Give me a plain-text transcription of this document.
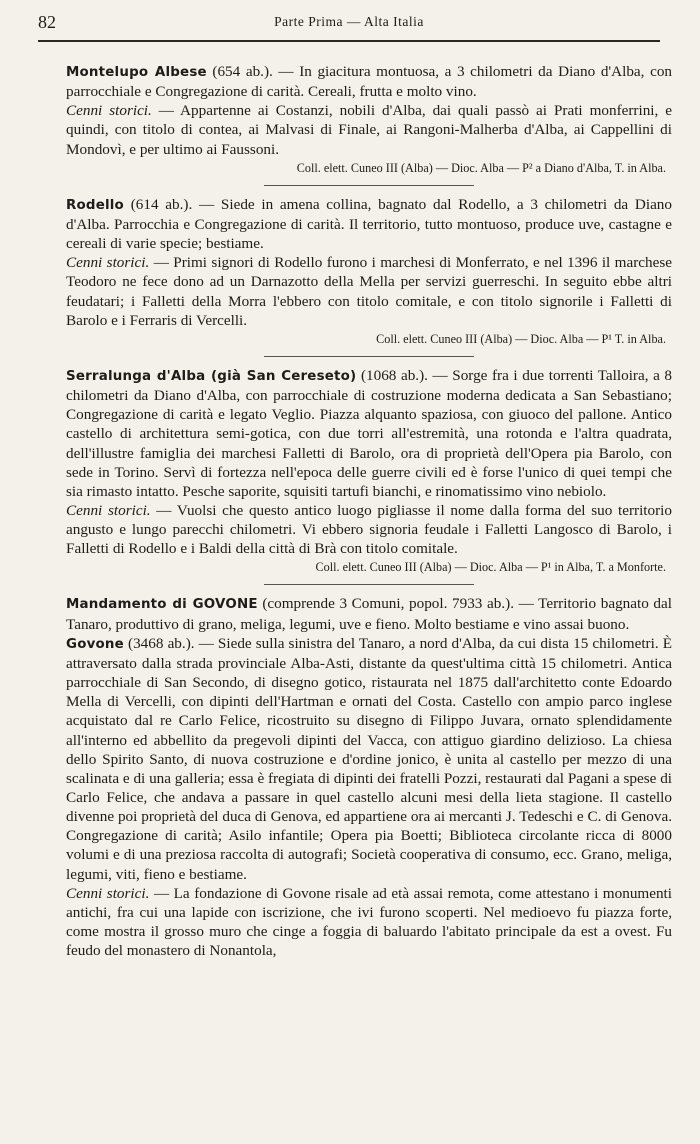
82	Parte Prima — Alta Italia

Montelupo Albese (654 ab.). — In giacitura montuosa, a 3 chilometri da Diano d'Alba, con parrocchiale e Congregazione di carità. Cereali, frutta e molto vino.

Cenni storici. — Appartenne ai Costanzi, nobili d'Alba, dai quali passò ai Prati monferrini, e quindi, con titolo di contea, ai Malvasi di Finale, ai Rangoni-Malherba d'Alba, ai Cappellini di Mondovì, e per ultimo ai Faussoni.

Coll. elett. Cuneo III (Alba) — Dioc. Alba — P² a Diano d'Alba, T. in Alba.

Rodello (614 ab.). — Siede in amena collina, bagnato dal Rodello, a 3 chilometri da Diano d'Alba. Parrocchia e Congregazione di carità. Il territorio, tutto montuoso, produce uve, castagne e cereali di varie specie; bestiame.

Cenni storici. — Primi signori di Rodello furono i marchesi di Monferrato, e nel 1396 il marchese Teodoro ne fece dono ad un Darnazotto della Mella per servizi guerreschi. In seguito ebbe altri feudatari; i Falletti della Morra l'ebbero con titolo comitale, e con titolo signorile i Falletti di Barolo e i Ferraris di Vercelli.

Coll. elett. Cuneo III (Alba) — Dioc. Alba — P¹ T. in Alba.

Serralunga d'Alba (già San Cereseto) (1068 ab.). — Sorge fra i due torrenti Talloira, a 8 chilometri da Diano d'Alba, con parrocchiale di costruzione moderna dedicata a San Sebastiano; Congregazione di carità e legato Veglio. Piazza alquanto spaziosa, con giuoco del pallone. Antico castello di architettura semi-gotica, con due torri all'estremità, una rotonda e l'altra quadrata, dell'illustre famiglia dei marchesi Falletti di Barolo, ora di proprietà dell'Opera pia Barolo, con sede in Torino. Servì di fortezza nell'epoca delle guerre civili ed è forse l'unico di quei tempi che sia rimasto intatto. Pesche saporite, squisiti tartufi bianchi, e rinomatissimo vino nebiolo.

Cenni storici. — Vuolsi che questo antico luogo pigliasse il nome dalla forma del suo territorio angusto e lungo parecchi chilometri. Vi ebbero signoria feudale i Falletti Langosco di Barolo, i Falletti di Rodello e i Baldi della città di Brà con titolo comitale.

Coll. elett. Cuneo III (Alba) — Dioc. Alba — P¹ in Alba, T. a Monforte.

Mandamento di GOVONE (comprende 3 Comuni, popol. 7933 ab.). — Territorio bagnato dal Tanaro, produttivo di grano, meliga, legumi, uve e fieno. Molto bestiame e vino assai buono.

Govone (3468 ab.). — Siede sulla sinistra del Tanaro, a nord d'Alba, da cui dista 15 chilometri. È attraversato dalla strada provinciale Alba-Asti, distante da quest'ultima città 15 chilometri. Antica parrocchiale di San Secondo, di disegno gotico, ristaurata nel 1875 dall'architetto conte Edoardo Mella di Vercelli, con dipinti dell'Hartman e ornati del Costa. Castello con ampio parco inglese acquistato dal re Carlo Felice, ricostruito su disegno di Filippo Juvara, ornato splendidamente all'interno ed abbellito da pregevoli dipinti del Vacca, con attiguo giardino delizioso. La chiesa dello Spirito Santo, di nuova costruzione e d'ordine jonico, è unita al castello per mezzo di una scalinata e di una galleria; essa è fregiata di dipinti dei fratelli Pozzi, restaurati dal Pagani a spese di Carlo Felice, che andava a passare in quel castello alcuni mesi della lieta stagione. Il castello divenne poi proprietà del duca di Genova, ed appartiene ora ai mercanti J. Tedeschi e C. di Genova. Congregazione di carità; Asilo infantile; Opera pia Boetti; Biblioteca circolante ricca di 8000 volumi e di una preziosa raccolta di autografi; Società cooperativa di consumo, ecc. Grano, meliga, legumi, viti, fieno e bestiame.

Cenni storici. — La fondazione di Govone risale ad età assai remota, come attestano i monumenti antichi, fra cui una lapide con iscrizione, che ivi furono scoperti. Nel medioevo fu piazza forte, come mostra il grosso muro che cinge a foggia di baluardo l'abitato principale da est a ovest. Fu feudo del monastero di Nonantola,
